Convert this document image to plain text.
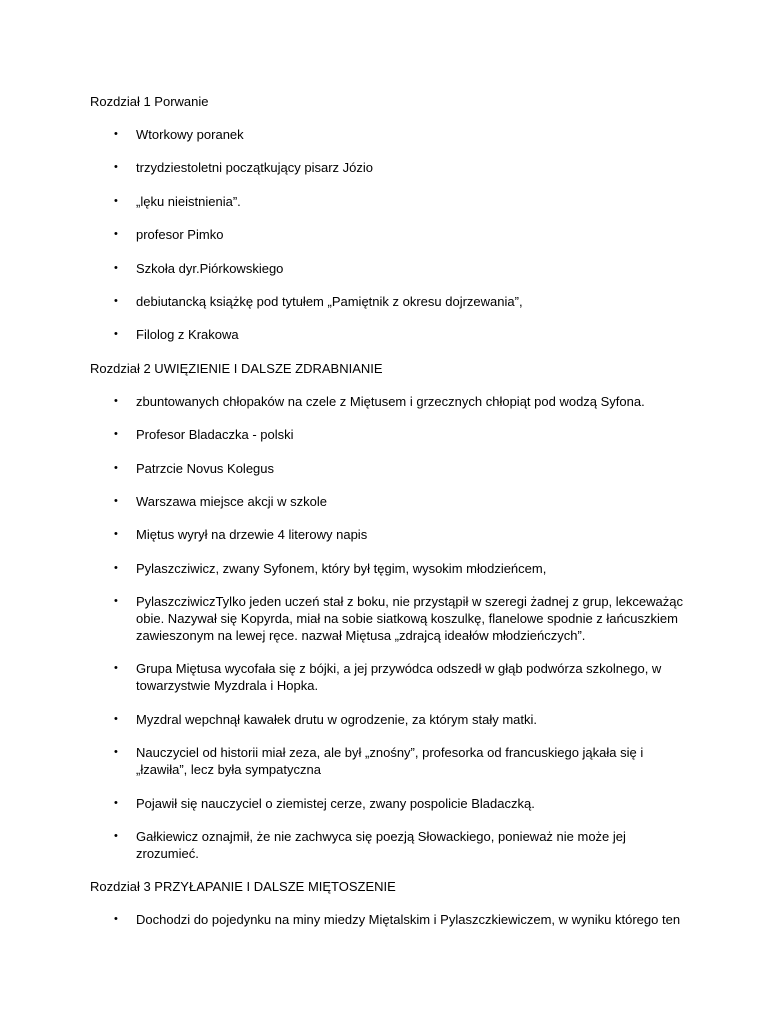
Rozdział 1 Porwanie
• Wtorkowy poranek
• trzydziestoletni początkujący pisarz Józio
• „lęku nieistnienia”.
• profesor Pimko
• Szkoła dyr.Piórkowskiego
• debiutancką książkę pod tytułem „Pamiętnik z okresu dojrzewania”,
• Filolog z Krakowa
Rozdział 2 UWIĘZIENIE I DALSZE ZDRABNIANIE
• zbuntowanych chłopaków na czele z Miętusem i grzecznych chłopiąt pod wodzą Syfona.
• Profesor Bladaczka - polski
• Patrzcie Novus Kolegus
• Warszawa miejsce akcji w szkole
• Miętus wyrył na drzewie 4 literowy napis
• Pylaszcziwicz, zwany Syfonem, który był tęgim, wysokim młodzieńcem,
• PylaszcziwiczTylko jeden uczeń stał z boku, nie przystąpił w szeregi żadnej z grup, lekceważąc obie. Nazywał się Kopyrda, miał na sobie siatkową koszulkę, flanelowe spodnie z łańcuszkiem zawieszonym na lewej ręce. nazwał Miętusa „zdrajcą ideałów młodzieńczych”.
• Grupa Miętusa wycofała się z bójki, a jej przywódca odszedł w głąb podwórza szkolnego, w towarzystwie Myzdrala i Hopka.
• Myzdral wepchnął kawałek drutu w ogrodzenie, za którym stały matki.
• Nauczyciel od historii miał zeza, ale był „znośny”, profesorka od francuskiego jąkała się i „łzawiła”, lecz była sympatyczna
• Pojawił się nauczyciel o ziemistej cerze, zwany pospolicie Bladaczką.
• Gałkiewicz oznajmił, że nie zachwyca się poezją Słowackiego, ponieważ nie może jej zrozumieć.
Rozdział 3 PRZYŁAPANIE I DALSZE MIĘTOSZENIE
• Dochodzi do pojedynku na miny miedzy Miętalskim i Pylaszczkiewiczem, w wyniku którego ten
